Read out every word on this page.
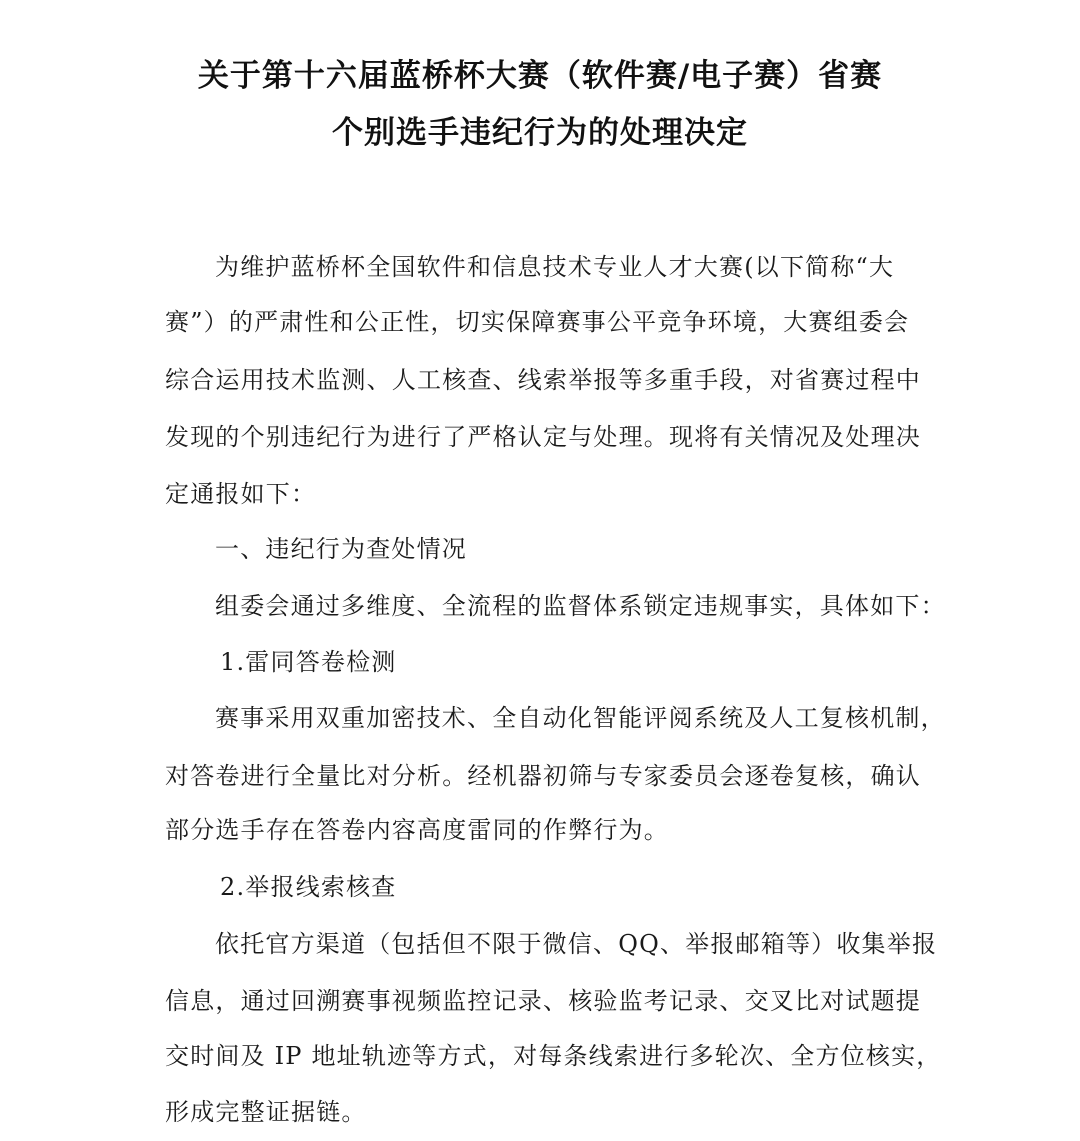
关于第十六届蓝桥杯大赛（软件赛/电子赛）省赛
个别选手违纪行为的处理决定
为维护蓝桥杯全国软件和信息技术专业人才大赛(以下简称“大
赛”）的严肃性和公正性，切实保障赛事公平竞争环境，大赛组委会
综合运用技术监测、人工核查、线索举报等多重手段，对省赛过程中
发现的个别违纪行为进行了严格认定与处理。现将有关情况及处理决
定通报如下：
一、违纪行为查处情况
组委会通过多维度、全流程的监督体系锁定违规事实，具体如下：
1.雷同答卷检测
赛事采用双重加密技术、全自动化智能评阅系统及人工复核机制，
对答卷进行全量比对分析。经机器初筛与专家委员会逐卷复核，确认
部分选手存在答卷内容高度雷同的作弊行为。
2.举报线索核查
依托官方渠道（包括但不限于微信、QQ、举报邮箱等）收集举报
信息，通过回溯赛事视频监控记录、核验监考记录、交叉比对试题提
交时间及 IP 地址轨迹等方式，对每条线索进行多轮次、全方位核实，
形成完整证据链。
